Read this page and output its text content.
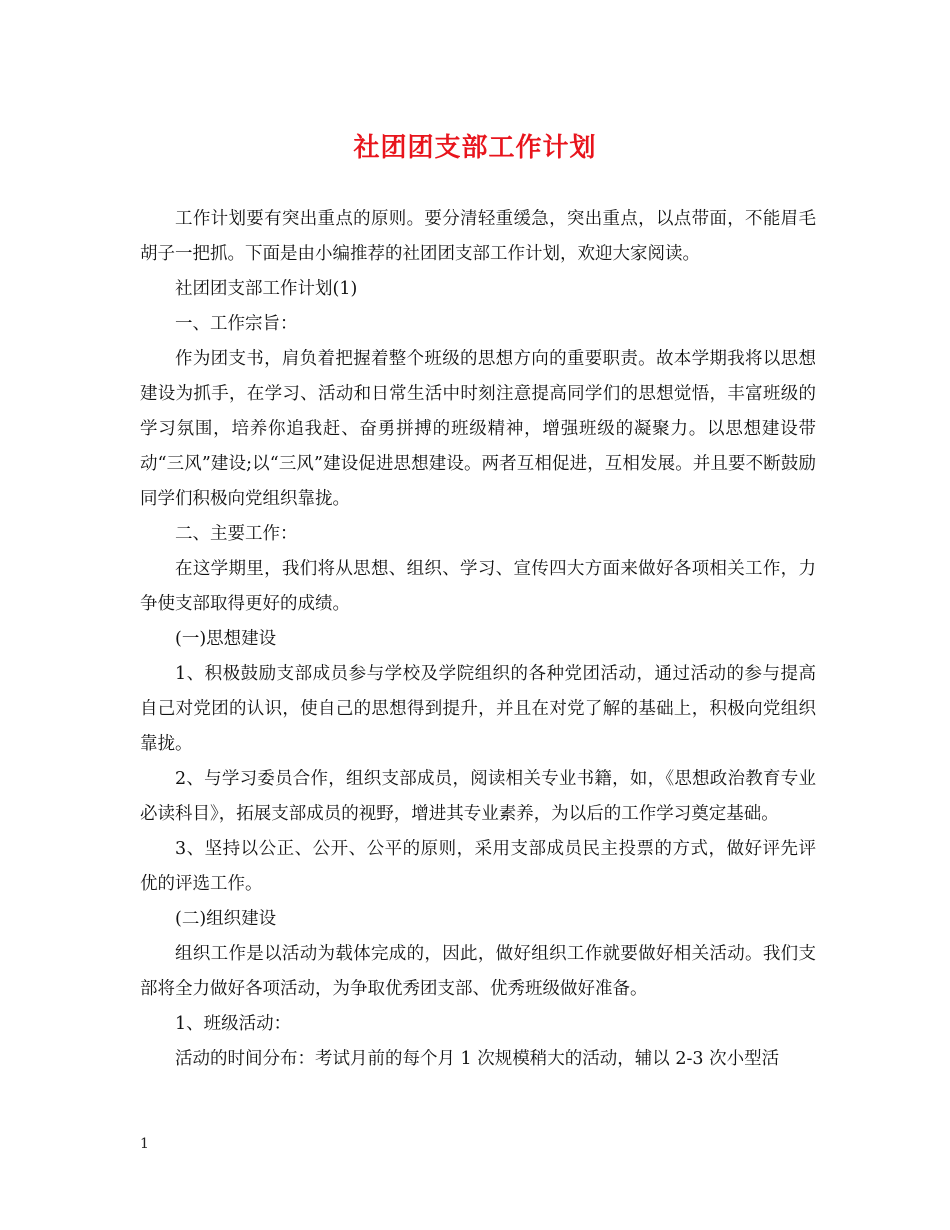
社团团支部工作计划

工作计划要有突出重点的原则。要分清轻重缓急，突出重点，以点带面，不能眉毛胡子一把抓。下面是由小编推荐的社团团支部工作计划，欢迎大家阅读。

社团团支部工作计划(1)

一、工作宗旨：

作为团支书，肩负着把握着整个班级的思想方向的重要职责。故本学期我将以思想建设为抓手，在学习、活动和日常生活中时刻注意提高同学们的思想觉悟，丰富班级的学习氛围，培养你追我赶、奋勇拼搏的班级精神，增强班级的凝聚力。以思想建设带动“三风”建设;以“三风”建设促进思想建设。两者互相促进，互相发展。并且要不断鼓励同学们积极向党组织靠拢。

二、主要工作：

在这学期里，我们将从思想、组织、学习、宣传四大方面来做好各项相关工作，力争使支部取得更好的成绩。

(一)思想建设

1、积极鼓励支部成员参与学校及学院组织的各种党团活动，通过活动的参与提高自己对党团的认识，使自己的思想得到提升，并且在对党了解的基础上，积极向党组织靠拢。

2、与学习委员合作，组织支部成员，阅读相关专业书籍，如，《思想政治教育专业必读科目》，拓展支部成员的视野，增进其专业素养，为以后的工作学习奠定基础。

3、坚持以公正、公开、公平的原则，采用支部成员民主投票的方式，做好评先评优的评选工作。

(二)组织建设

组织工作是以活动为载体完成的，因此，做好组织工作就要做好相关活动。我们支部将全力做好各项活动，为争取优秀团支部、优秀班级做好准备。

1、班级活动：

活动的时间分布：考试月前的每个月 1 次规模稍大的活动，辅以 2-3 次小型活

1
